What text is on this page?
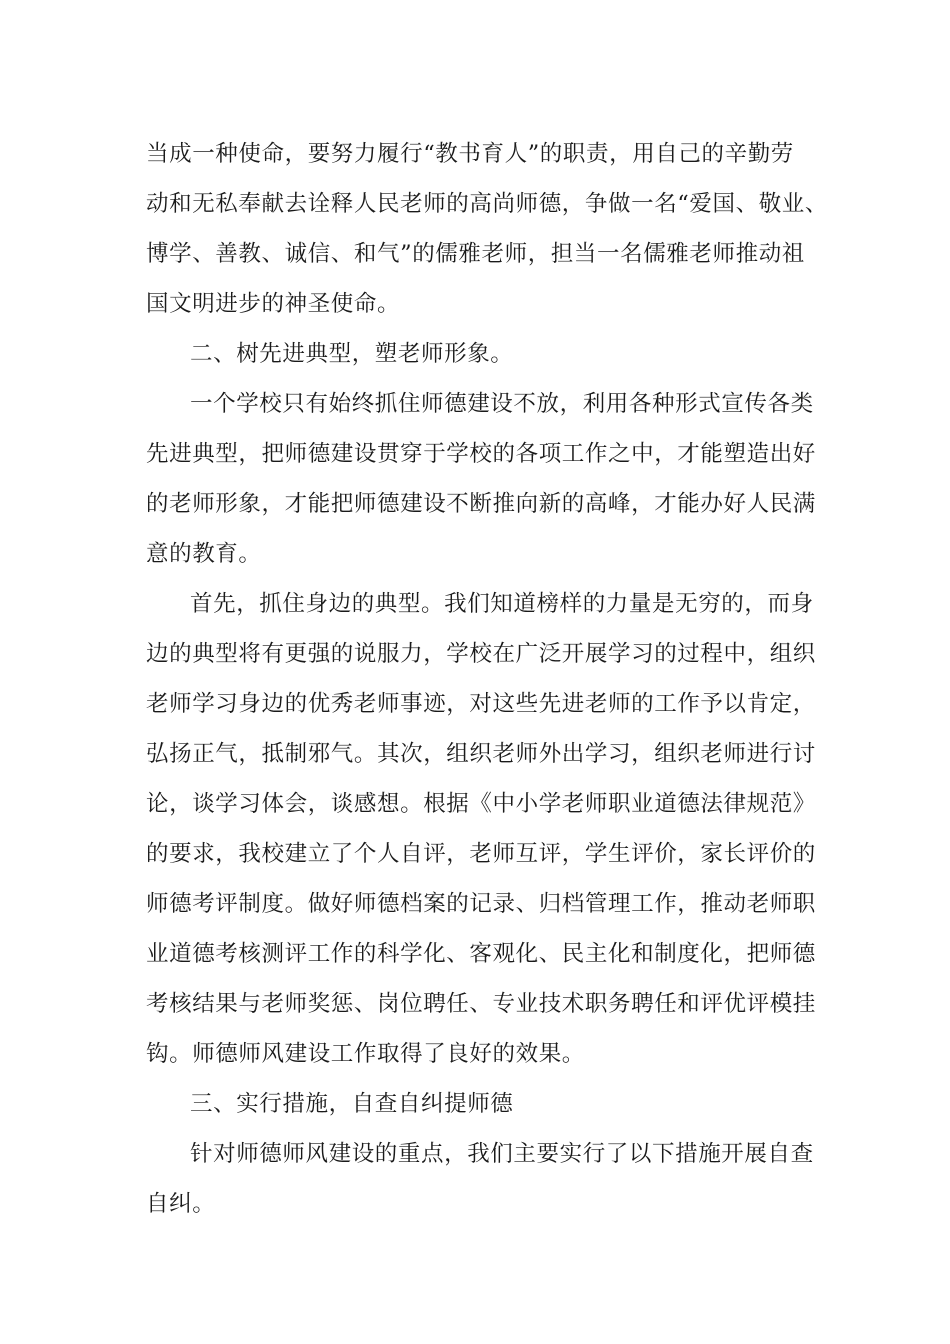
当成一种使命，要努力履行“教书育人”的职责，用自己的辛勤劳
动和无私奉献去诠释人民老师的高尚师德，争做一名“爱国、敬业、
博学、善教、诚信、和气”的儒雅老师，担当一名儒雅老师推动祖
国文明进步的神圣使命。
二、树先进典型，塑老师形象。
一个学校只有始终抓住师德建设不放，利用各种形式宣传各类
先进典型，把师德建设贯穿于学校的各项工作之中，才能塑造出好
的老师形象，才能把师德建设不断推向新的高峰，才能办好人民满
意的教育。
首先，抓住身边的典型。我们知道榜样的力量是无穷的，而身
边的典型将有更强的说服力，学校在广泛开展学习的过程中，组织
老师学习身边的优秀老师事迹，对这些先进老师的工作予以肯定，
弘扬正气，抵制邪气。其次，组织老师外出学习，组织老师进行讨
论，谈学习体会，谈感想。根据《中小学老师职业道德法律规范》
的要求，我校建立了个人自评，老师互评，学生评价，家长评价的
师德考评制度。做好师德档案的记录、归档管理工作，推动老师职
业道德考核测评工作的科学化、客观化、民主化和制度化，把师德
考核结果与老师奖惩、岗位聘任、专业技术职务聘任和评优评模挂
钩。师德师风建设工作取得了良好的效果。
三、实行措施，自查自纠提师德
针对师德师风建设的重点，我们主要实行了以下措施开展自查
自纠。
